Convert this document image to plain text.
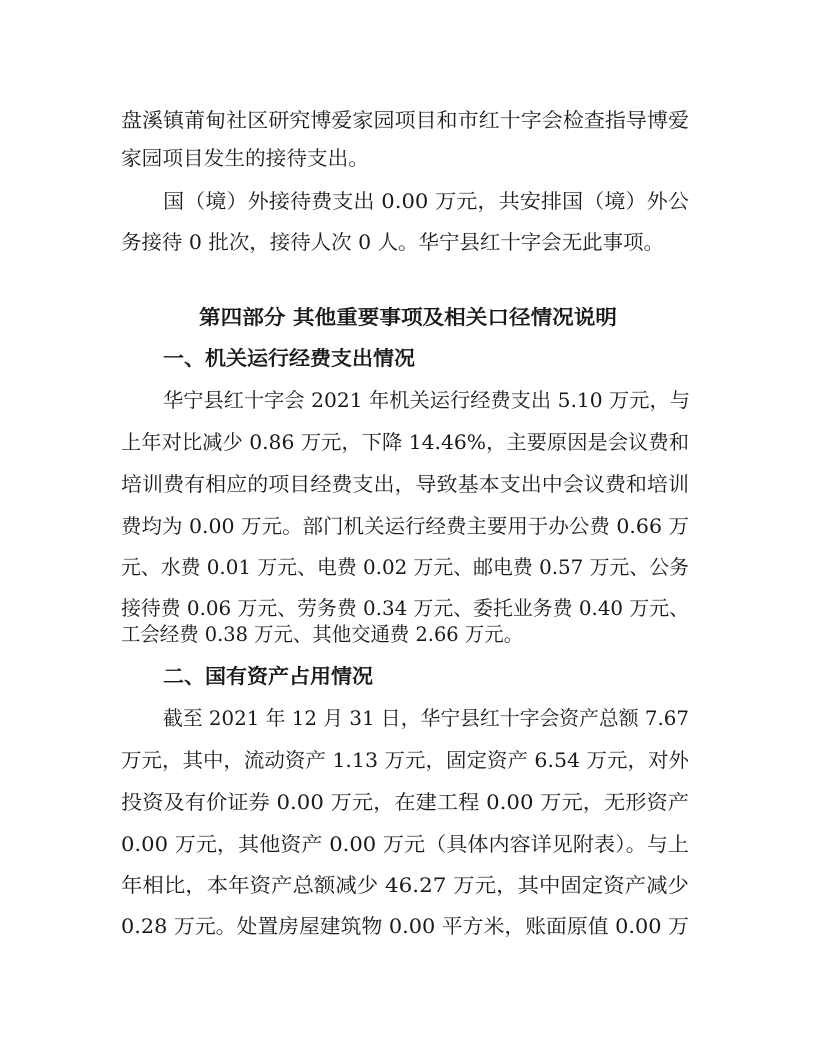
盘溪镇莆甸社区研究博爱家园项目和市红十字会检查指导博爱
家园项目发生的接待支出。
国（境）外接待费支出 0.00 万元，共安排国（境）外公
务接待 0 批次，接待人次 0 人。华宁县红十字会无此事项。
第四部分 其他重要事项及相关口径情况说明
一、机关运行经费支出情况
华宁县红十字会 2021 年机关运行经费支出 5.10 万元，与
上年对比减少 0.86 万元，下降 14.46%，主要原因是会议费和
培训费有相应的项目经费支出，导致基本支出中会议费和培训
费均为 0.00 万元。部门机关运行经费主要用于办公费 0.66 万
元、水费 0.01 万元、电费 0.02 万元、邮电费 0.57 万元、公务
接待费 0.06 万元、劳务费 0.34 万元、委托业务费 0.40 万元、
工会经费 0.38 万元、其他交通费 2.66 万元。
二、国有资产占用情况
截至 2021 年 12 月 31 日，华宁县红十字会资产总额 7.67
万元，其中，流动资产 1.13 万元，固定资产 6.54 万元，对外
投资及有价证券 0.00 万元，在建工程 0.00 万元，无形资产
0.00 万元，其他资产 0.00 万元（具体内容详见附表）。与上
年相比，本年资产总额减少 46.27 万元，其中固定资产减少
0.28 万元。处置房屋建筑物 0.00 平方米，账面原值 0.00 万
